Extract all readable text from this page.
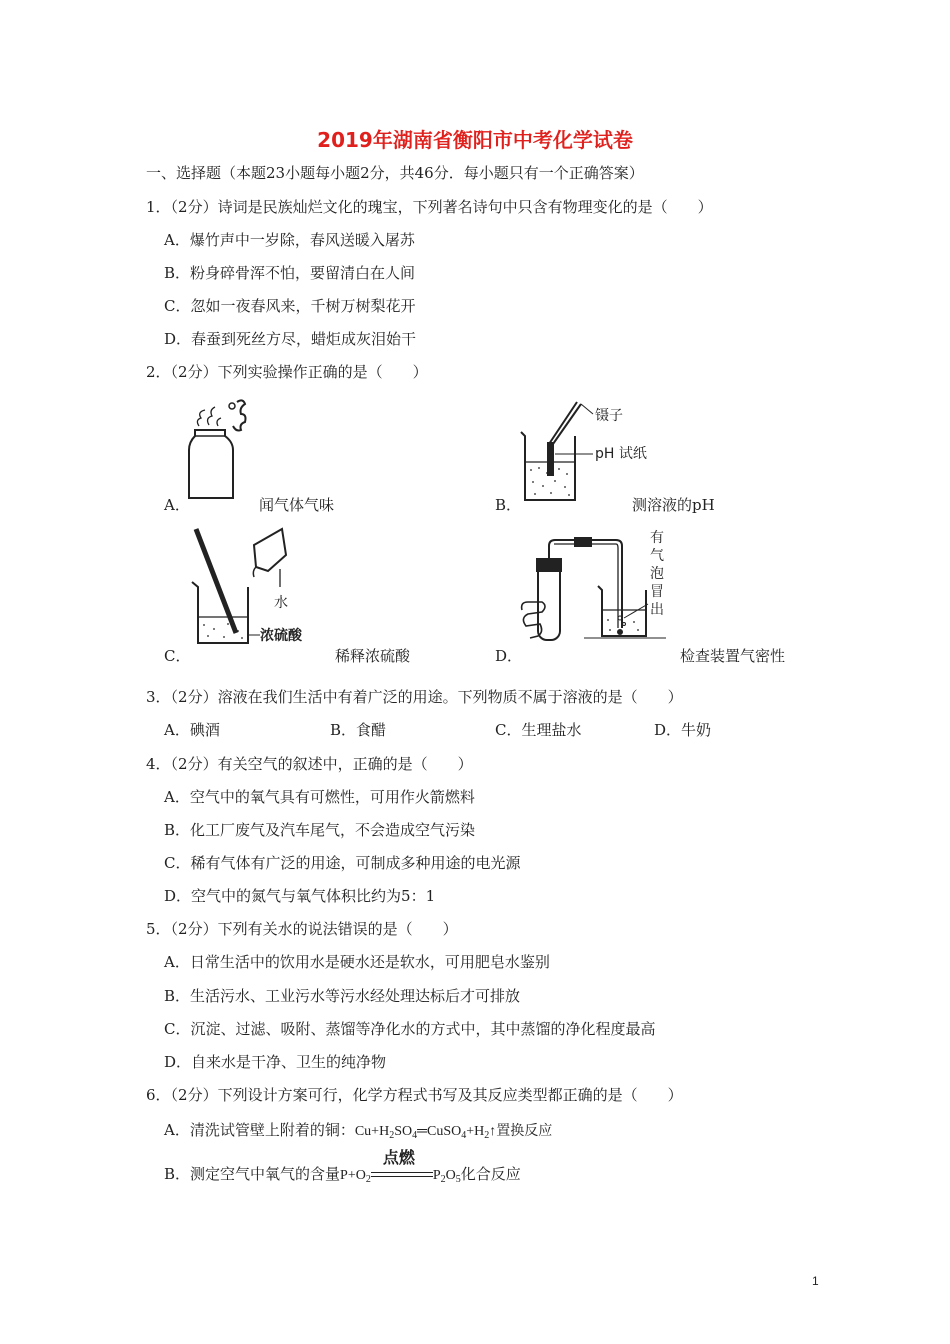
2019年湖南省衡阳市中考化学试卷
一、选择题（本题23小题每小题2分，共46分．每小题只有一个正确答案）
1．（2分）诗词是民族灿烂文化的瑰宝，下列著名诗句中只含有物理变化的是（　　）
A．爆竹声中一岁除，春风送暖入屠苏
B．粉身碎骨浑不怕，要留清白在人间
C．忽如一夜春风来，千树万树梨花开
D．春蚕到死丝方尽，蜡炬成灰泪始干
2．（2分）下列实验操作正确的是（　　）
A．	闻气体气味
镊子
pH 试纸
B．	测溶液的pH
水
浓硫酸
C．	稀释浓硫酸
有
气
泡
冒
出
D．	检查装置气密性
3．（2分）溶液在我们生活中有着广泛的用途。下列物质不属于溶液的是（　　）
A．碘酒	B．食醋	C．生理盐水	D．牛奶
4．（2分）有关空气的叙述中，正确的是（　　）
A．空气中的氧气具有可燃性，可用作火箭燃料
B．化工厂废气及汽车尾气，不会造成空气污染
C．稀有气体有广泛的用途，可制成多种用途的电光源
D．空气中的氮气与氧气体积比约为5：1
5．（2分）下列有关水的说法错误的是（　　）
A．日常生活中的饮用水是硬水还是软水，可用肥皂水鉴别
B．生活污水、工业污水等污水经处理达标后才可排放
C．沉淀、过滤、吸附、蒸馏等净化水的方式中，其中蒸馏的净化程度最高
D．自来水是干净、卫生的纯净物
6．（2分）下列设计方案可行，化学方程式书写及其反应类型都正确的是（　　）
A．清洗试管壁上附着的铜：$Cu+H_2SO_4═CuSO_4+H_2↑$置换反应
B．测定空气中氧气的含量$P+O_2$
点燃
$P_2O_5$化合反应
1
